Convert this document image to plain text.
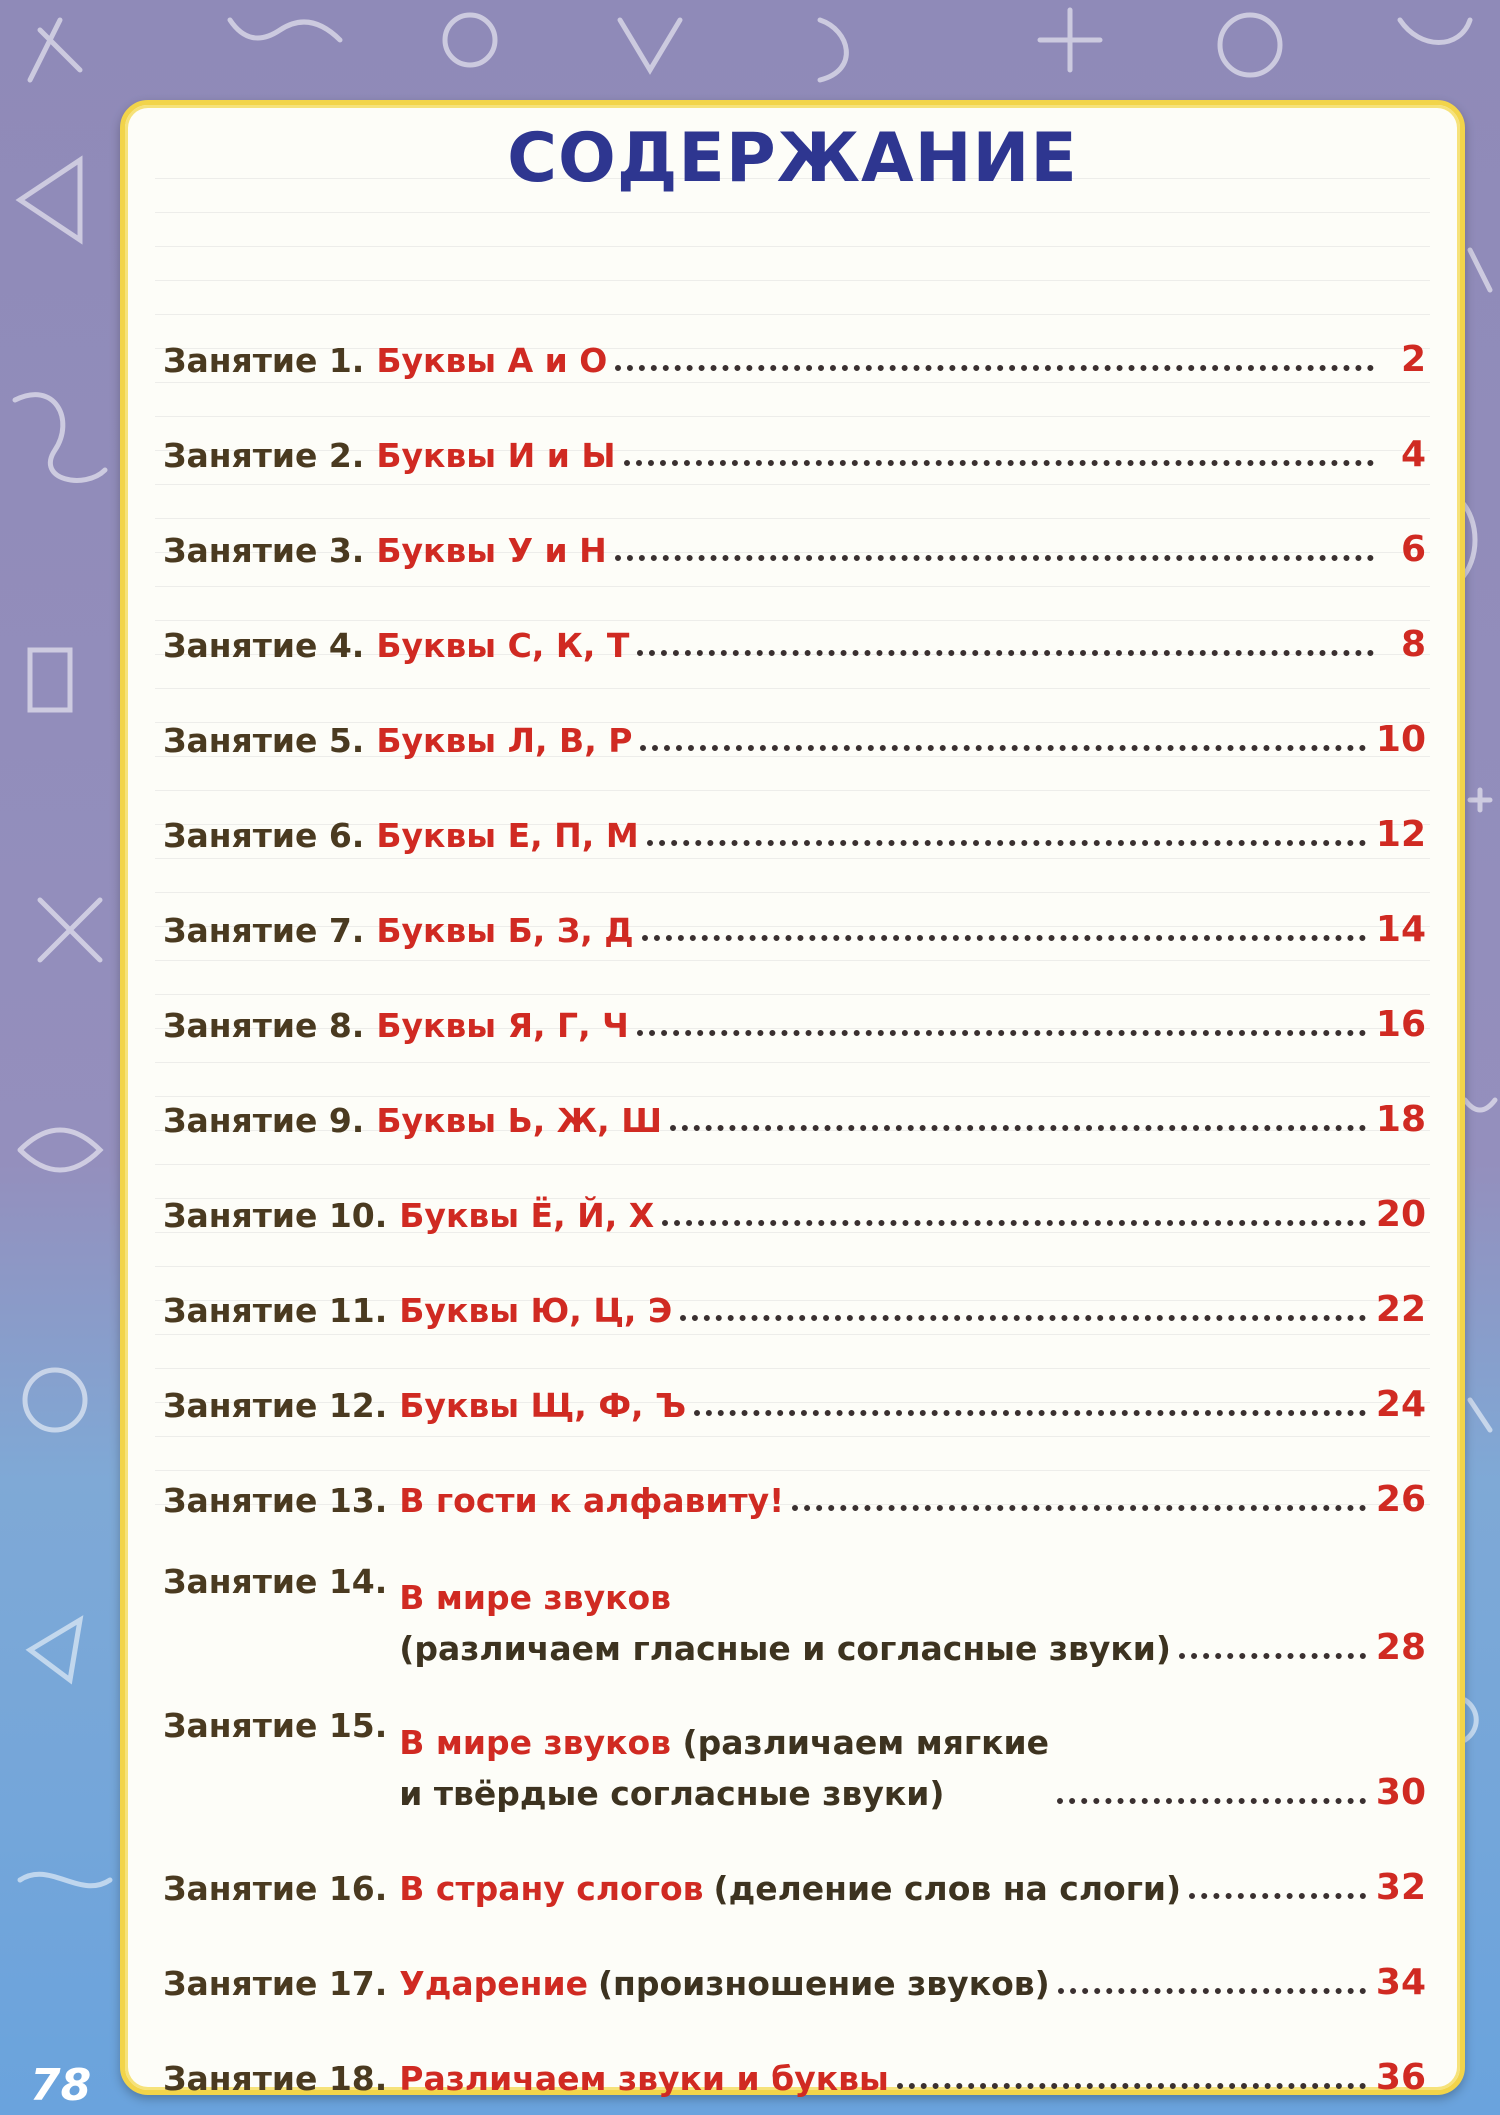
СОДЕРЖАНИЕ
Занятие 1. Буквы А и О	2
Занятие 2. Буквы И и Ы	4
Занятие 3. Буквы У и Н	6
Занятие 4. Буквы С, К, Т	8
Занятие 5. Буквы Л, В, Р	10
Занятие 6. Буквы Е, П, М	12
Занятие 7. Буквы Б, З, Д	14
Занятие 8. Буквы Я, Г, Ч	16
Занятие 9. Буквы Ь, Ж, Ш	18
Занятие 10. Буквы Ё, Й, Х	20
Занятие 11. Буквы Ю, Ц, Э	22
Занятие 12. Буквы Щ, Ф, Ъ	24
Занятие 13. В гости к алфавиту!	26
Занятие 14. В мире звуков
(различаем гласные и согласные звуки)	28
Занятие 15. В мире звуков (различаем мягкие
и твёрдые согласные звуки)	30
Занятие 16. В страну слогов (деление слов на слоги)	32
Занятие 17. Ударение (произношение звуков)	34
Занятие 18. Различаем звуки и буквы	36
78
